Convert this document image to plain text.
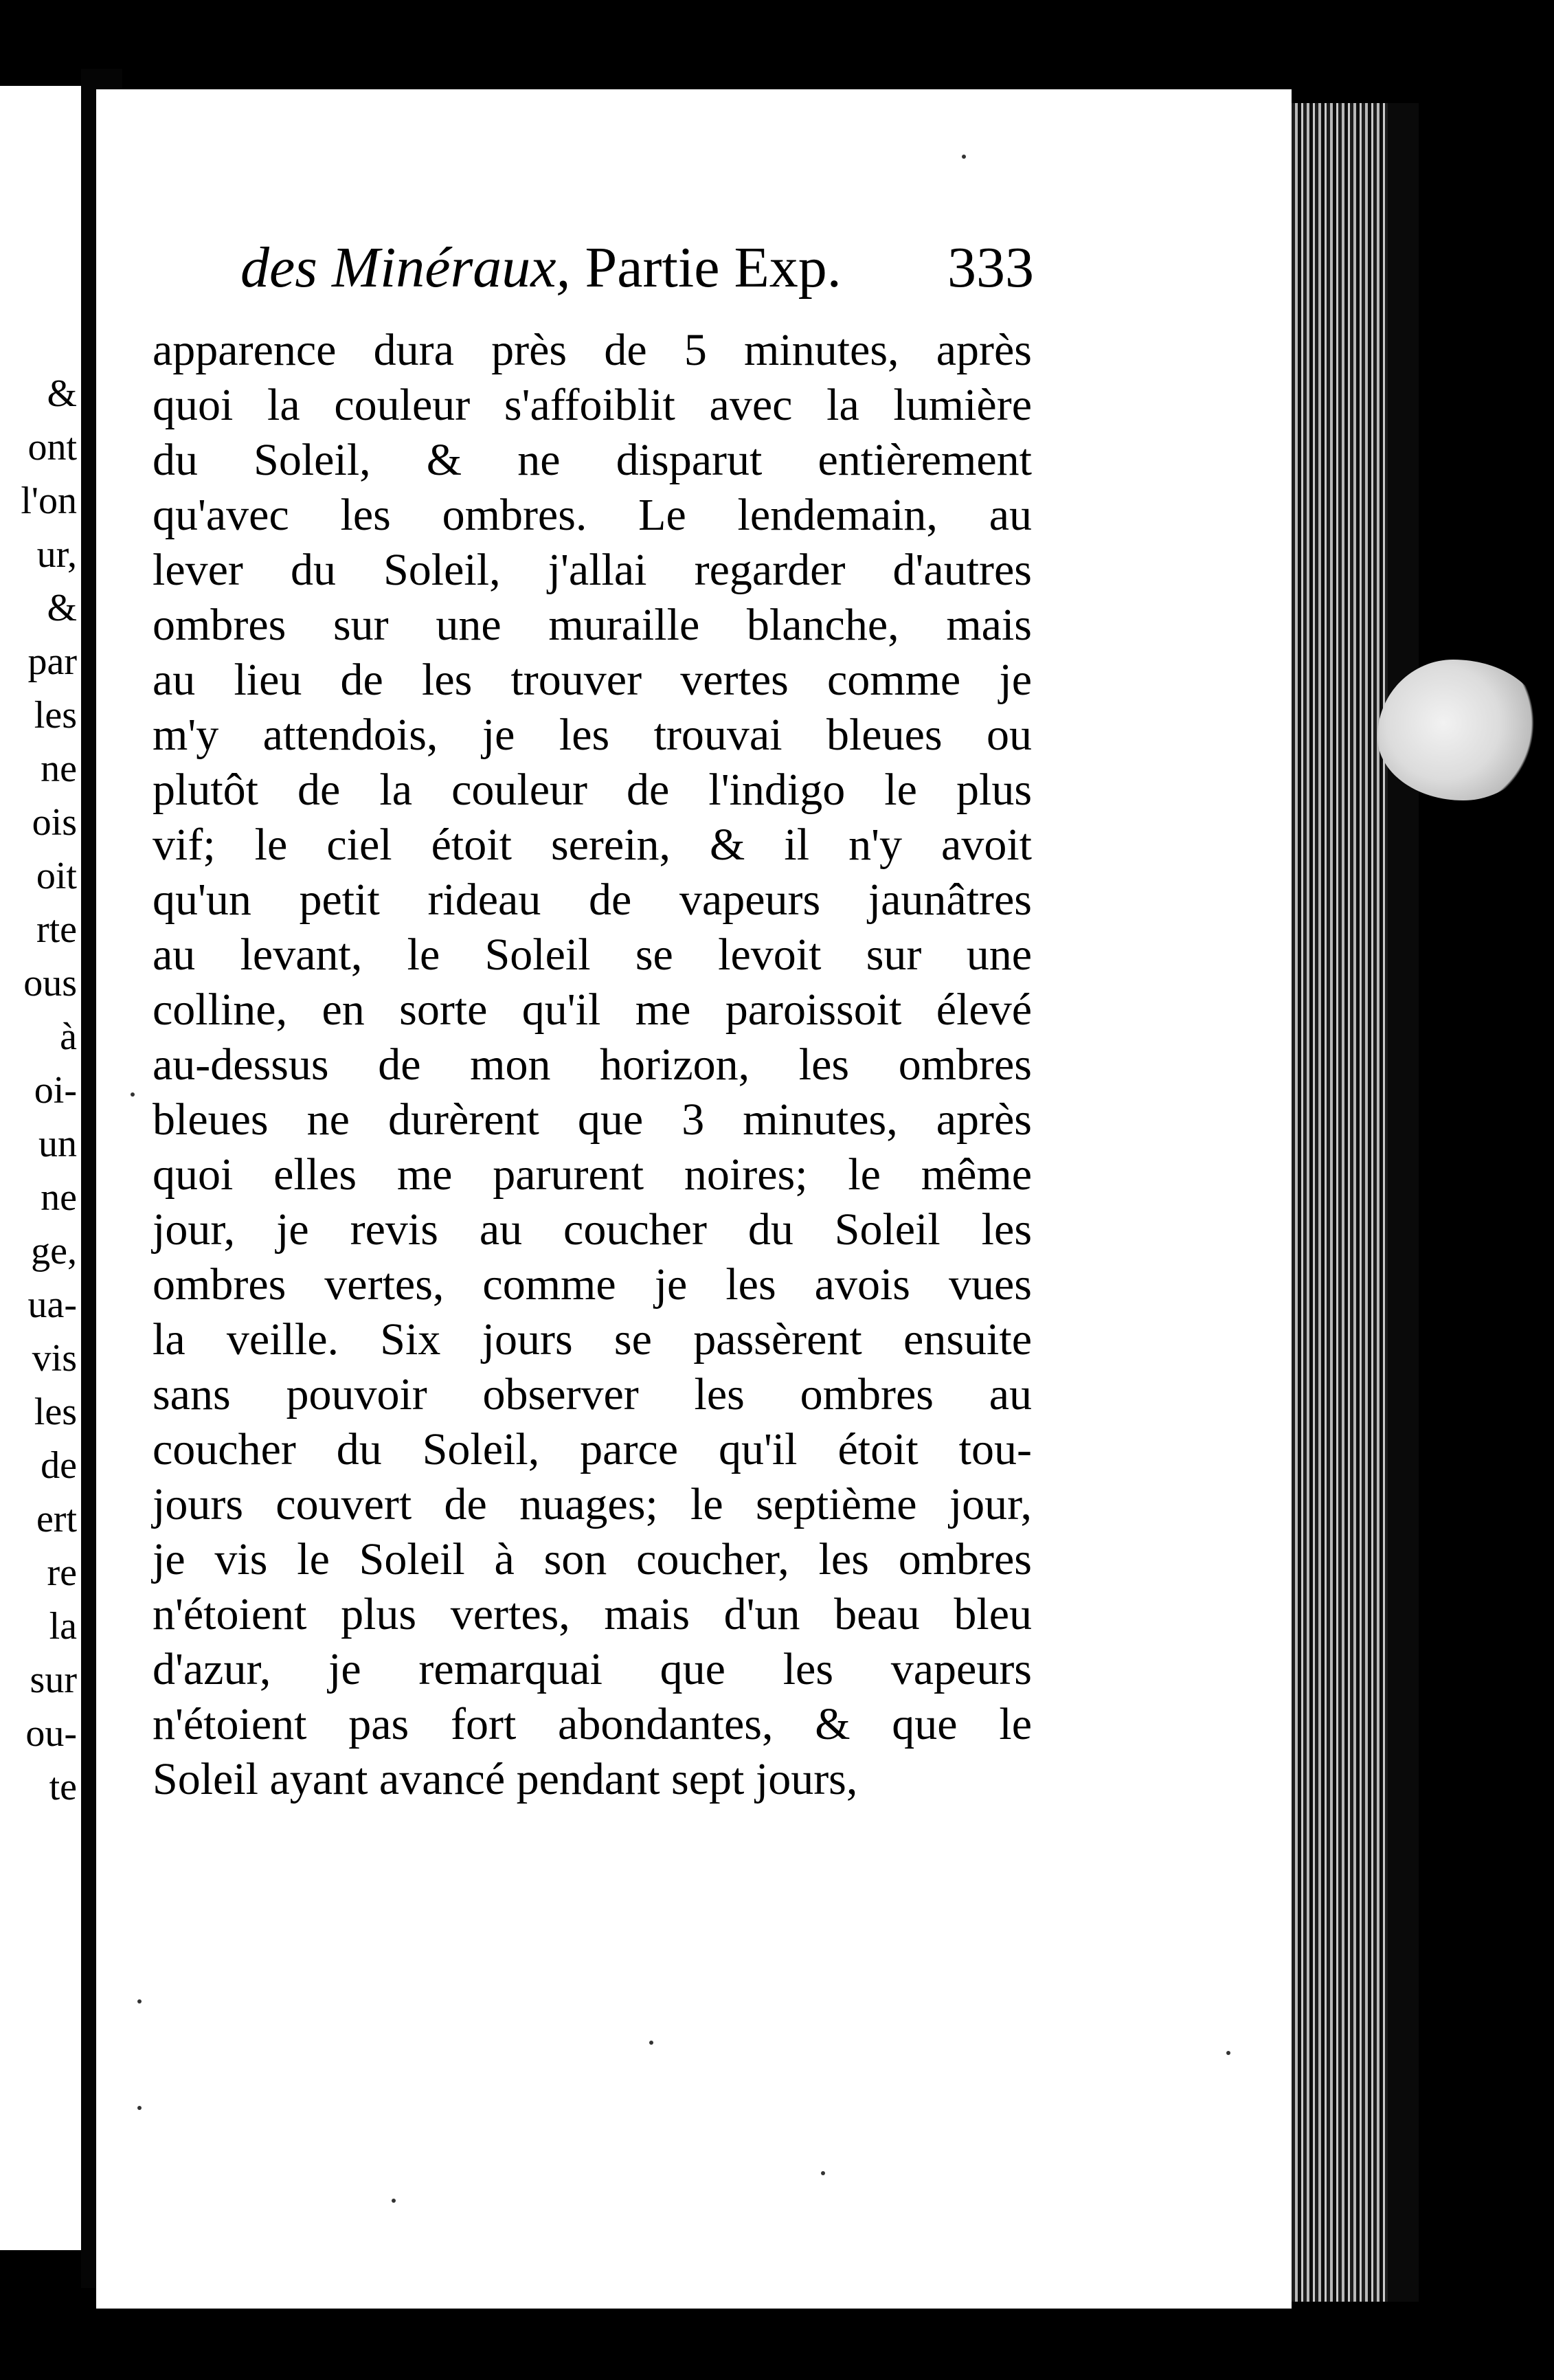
&
ont
l'on
ur,
&
par
les
ne
ois
oit
rte
ous
à
oi-
un
ne
ge,
ua-
vis
les
de
ert
re
la
sur
ou-
te
des Minéraux, Partie Exp. 333
apparence dura près de 5 minutes, après
quoi la couleur s'affoiblit avec la lumière
du Soleil, & ne disparut entièrement
qu'avec les ombres. Le lendemain, au
lever du Soleil, j'allai regarder d'autres
ombres sur une muraille blanche, mais
au lieu de les trouver vertes comme je
m'y attendois, je les trouvai bleues ou
plutôt de la couleur de l'indigo le plus
vif; le ciel étoit serein, & il n'y avoit
qu'un petit rideau de vapeurs jaunâtres
au levant, le Soleil se levoit sur une
colline, en sorte qu'il me paroissoit élevé
au-dessus de mon horizon, les ombres
bleues ne durèrent que 3 minutes, après
quoi elles me parurent noires; le même
jour, je revis au coucher du Soleil les
ombres vertes, comme je les avois vues
la veille. Six jours se passèrent ensuite
sans pouvoir observer les ombres au
coucher du Soleil, parce qu'il étoit tou-
jours couvert de nuages; le septième jour,
je vis le Soleil à son coucher, les ombres
n'étoient plus vertes, mais d'un beau bleu
d'azur, je remarquai que les vapeurs
n'étoient pas fort abondantes, & que le
Soleil ayant avancé pendant sept jours,
